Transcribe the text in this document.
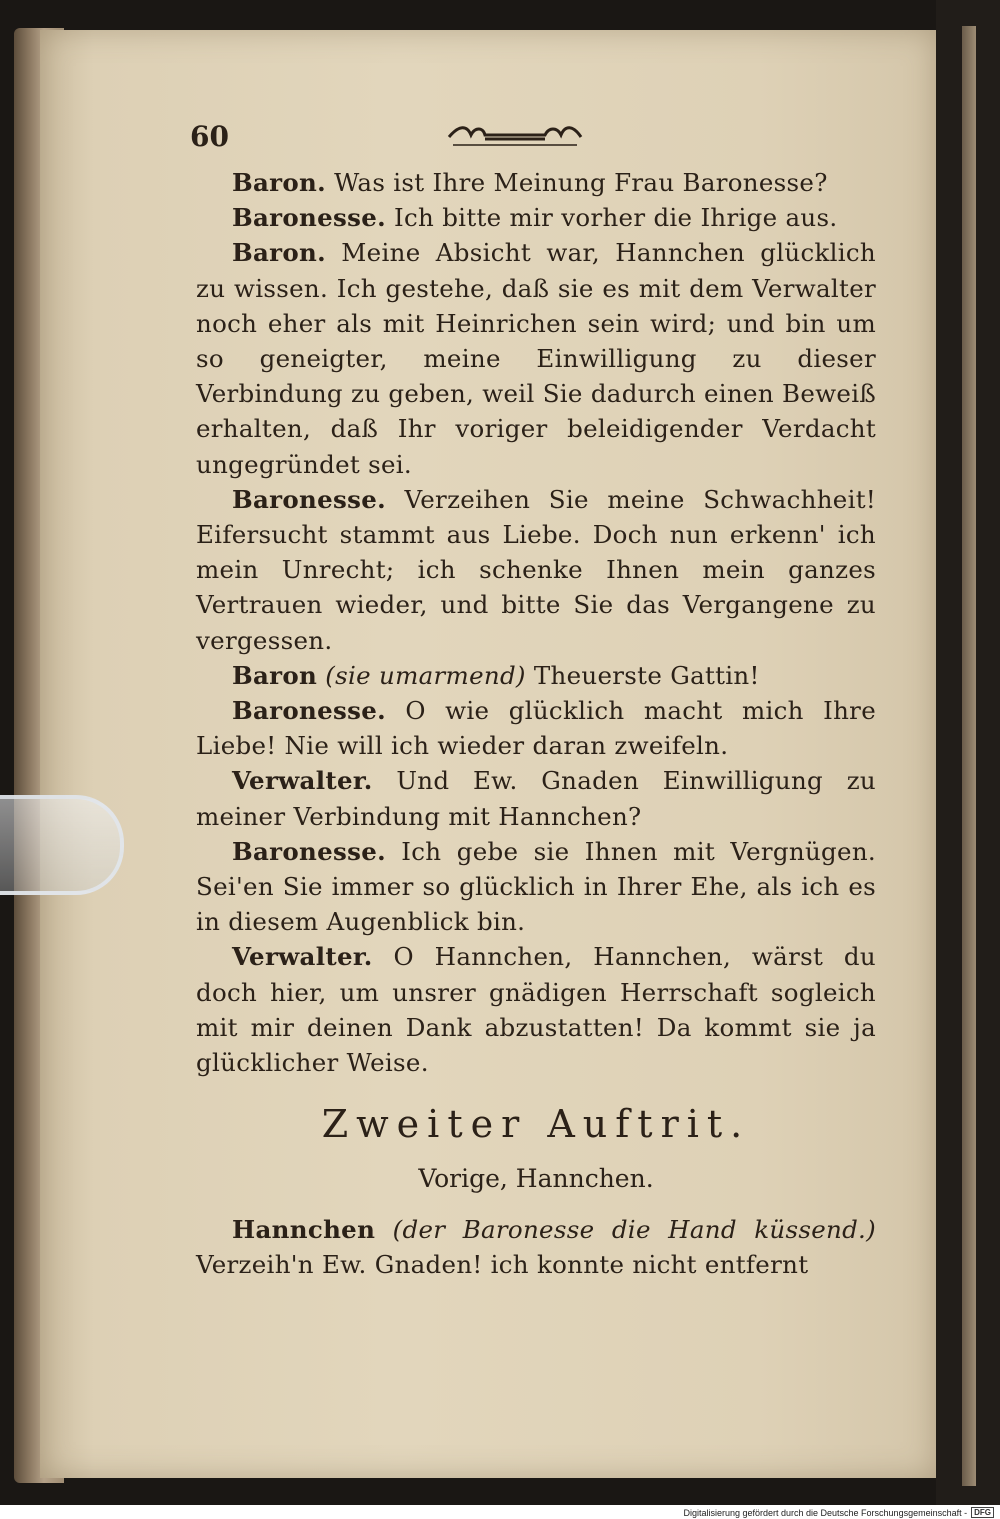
60

Baron. Was ist Ihre Meinung Frau Baronesse?

Baronesse. Ich bitte mir vorher die Ihrige aus.

Baron. Meine Absicht war, Hannchen glücklich zu wissen. Ich gestehe, daß sie es mit dem Verwalter noch eher als mit Heinrichen sein wird; und bin um so geneigter, meine Einwilligung zu dieser Verbindung zu geben, weil Sie dadurch einen Beweiß erhalten, daß Ihr voriger beleidigender Verdacht ungegründet sei.

Baronesse. Verzeihen Sie meine Schwachheit! Eifersucht stammt aus Liebe. Doch nun erkenn' ich mein Unrecht; ich schenke Ihnen mein ganzes Vertrauen wieder, und bitte Sie das Vergangene zu vergessen.

Baron (sie umarmend) Theuerste Gattin!

Baronesse. O wie glücklich macht mich Ihre Liebe! Nie will ich wieder daran zweifeln.

Verwalter. Und Ew. Gnaden Einwilligung zu meiner Verbindung mit Hannchen?

Baronesse. Ich gebe sie Ihnen mit Vergnügen. Sei'en Sie immer so glücklich in Ihrer Ehe, als ich es in diesem Augenblick bin.

Verwalter. O Hannchen, Hannchen, wärst du doch hier, um unsrer gnädigen Herrschaft sogleich mit mir deinen Dank abzustatten! Da kommt sie ja glücklicher Weise.

Zweiter Auftrit.
Vorige, Hannchen.

Hannchen (der Baronesse die Hand küssend.) Verzeih'n Ew. Gnaden! ich konnte nicht entfernt

Digitalisierung gefördert durch die Deutsche Forschungsgemeinschaft - DFG
